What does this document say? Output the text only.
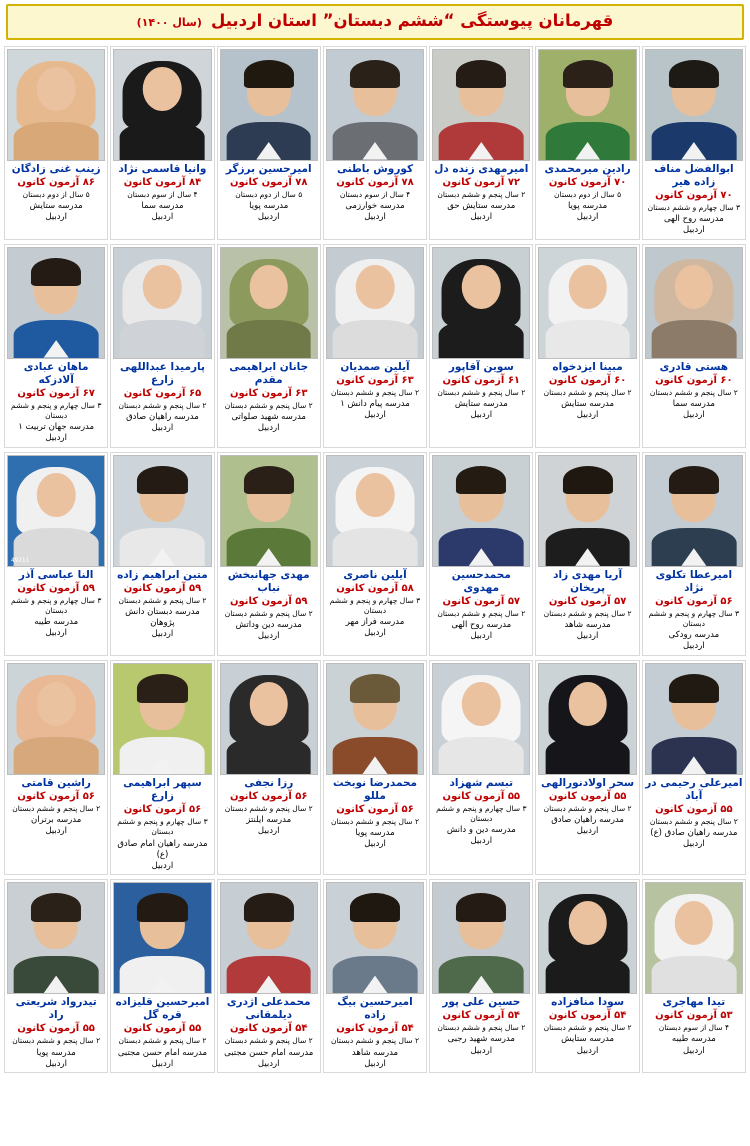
قهرمانان پیوستگی “ششم دبستان” استان اردبیل (سال ۱۴۰۰)
ابوالفضل مناف زاده هیر
۷۰ آزمون کانون
۳ سال چهارم و ششم دبستان
مدرسه روح الهی
اردبیل
رادین میرمحمدی
۷۰ آزمون کانون
۵ سال از دوم دبستان
مدرسه پویا
اردبیل
امیرمهدی زنده دل
۷۲ آزمون کانون
۲ سال پنجم و ششم دبستان
مدرسه ستایش حق
اردبیل
کوروش باطنی
۷۸ آزمون کانون
۴ سال از سوم دبستان
مدرسه خوارزمی
اردبیل
امیرحسین برزگر
۷۸ آزمون کانون
۵ سال از دوم دبستان
مدرسه پویا
اردبیل
وانیا قاسمی نژاد
۸۴ آزمون کانون
۴ سال از سوم دبستان
مدرسه سما
اردبیل
زینب غنی زادگان
۸۶ آزمون کانون
۵ سال از دوم دبستان
مدرسه ستایش
اردبیل
هستی قادری
۶۰ آزمون کانون
۲ سال پنجم و ششم دبستان
مدرسه سما
اردبیل
مبینا ایزدخواه
۶۰ آزمون کانون
۲ سال پنجم و ششم دبستان
مدرسه ستایش
اردبیل
سوین آقاپور
۶۱ آزمون کانون
۲ سال پنجم و ششم دبستان
مدرسه ستایش
اردبیل
آیلین صمدیان
۶۳ آزمون کانون
۲ سال پنجم و ششم دبستان
مدرسه پیام دانش ۱
اردبیل
جانان ابراهیمی مقدم
۶۳ آزمون کانون
۲ سال پنجم و ششم دبستان
مدرسه شهید صلواتی
اردبیل
پارمیدا عبداللهی زارع
۶۵ آزمون کانون
۲ سال پنجم و ششم دبستان
مدرسه راهیان صادق
اردبیل
ماهان عبادی آلادزکه
۶۷ آزمون کانون
۳ سال چهارم و پنجم و ششم دبستان
مدرسه جهان تربیت ۱
اردبیل
امیرعطا تکلوی نژاد
۵۶ آزمون کانون
۳ سال چهارم و پنجم و ششم دبستان
مدرسه رودکی
اردبیل
آریا مهدی زاد پریخان
۵۷ آزمون کانون
۲ سال پنجم و ششم دبستان
مدرسه شاهد
اردبیل
محمدحسین مهدوی
۵۷ آزمون کانون
۲ سال پنجم و ششم دبستان
مدرسه روح الهی
اردبیل
آیلین ناصری
۵۸ آزمون کانون
۳ سال چهارم و پنجم و ششم دبستان
مدرسه فراز مهر
اردبیل
مهدی جهانبخش نباب
۵۹ آزمون کانون
۲ سال پنجم و ششم دبستان
مدرسه دین وداتش
اردبیل
متین ابراهیم زاده
۵۹ آزمون کانون
۲ سال پنجم و ششم دبستان
مدرسه دبستان دانش پژوهان
اردبیل
49211
النا عباسی آذر
۵۹ آزمون کانون
۳ سال چهارم و پنجم و ششم دبستان
مدرسه طیبه
اردبیل
امیرعلی رحیمی در آباد
۵۵ آزمون کانون
۲ سال پنجم و ششم دبستان
مدرسه راهیان صادق (ع)
اردبیل
سحر اولادنورالهی
۵۵ آزمون کانون
۲ سال پنجم و ششم دبستان
مدرسه راهیان صادق
اردبیل
تبسم شهزاد
۵۵ آزمون کانون
۳ سال چهارم و پنجم و ششم دبستان
مدرسه دین و دانش
اردبیل
محمدرضا نوبخت مللو
۵۶ آزمون کانون
۲ سال پنجم و ششم دبستان
مدرسه پویا
اردبیل
رزا نجفی
۵۶ آزمون کانون
۲ سال پنجم و ششم دبستان
مدرسه ایلنتز
اردبیل
سپهر ابراهیمی زارع
۵۶ آزمون کانون
۳ سال چهارم و پنجم و ششم دبستان
مدرسه راهیان امام صادق (ع)
اردبیل
راشین قامتی
۵۶ آزمون کانون
۲ سال پنجم و ششم دبستان
مدرسه برتران
اردبیل
تیدا مهاجری
۵۳ آزمون کانون
۴ سال از سوم دبستان
مدرسه طیبه
اردبیل
سودا منافزاده
۵۴ آزمون کانون
۲ سال پنجم و ششم دبستان
مدرسه ستایش
اردبیل
حسین علی پور
۵۴ آزمون کانون
۲ سال پنجم و ششم دبستان
مدرسه شهید رجبی
اردبیل
امیرحسین بیگ زاده
۵۴ آزمون کانون
۲ سال پنجم و ششم دبستان
مدرسه شاهد
اردبیل
محمدعلی اژدری دیلمقانی
۵۴ آزمون کانون
۲ سال پنجم و ششم دبستان
مدرسه امام حسن مجتبی
اردبیل
امیرحسین قلیزاده قره گل
۵۵ آزمون کانون
۲ سال پنجم و ششم دبستان
مدرسه امام حسن مجتبی
اردبیل
تیدرواد شریعتی راد
۵۵ آزمون کانون
۲ سال پنجم و ششم دبستان
مدرسه پویا
اردبیل
